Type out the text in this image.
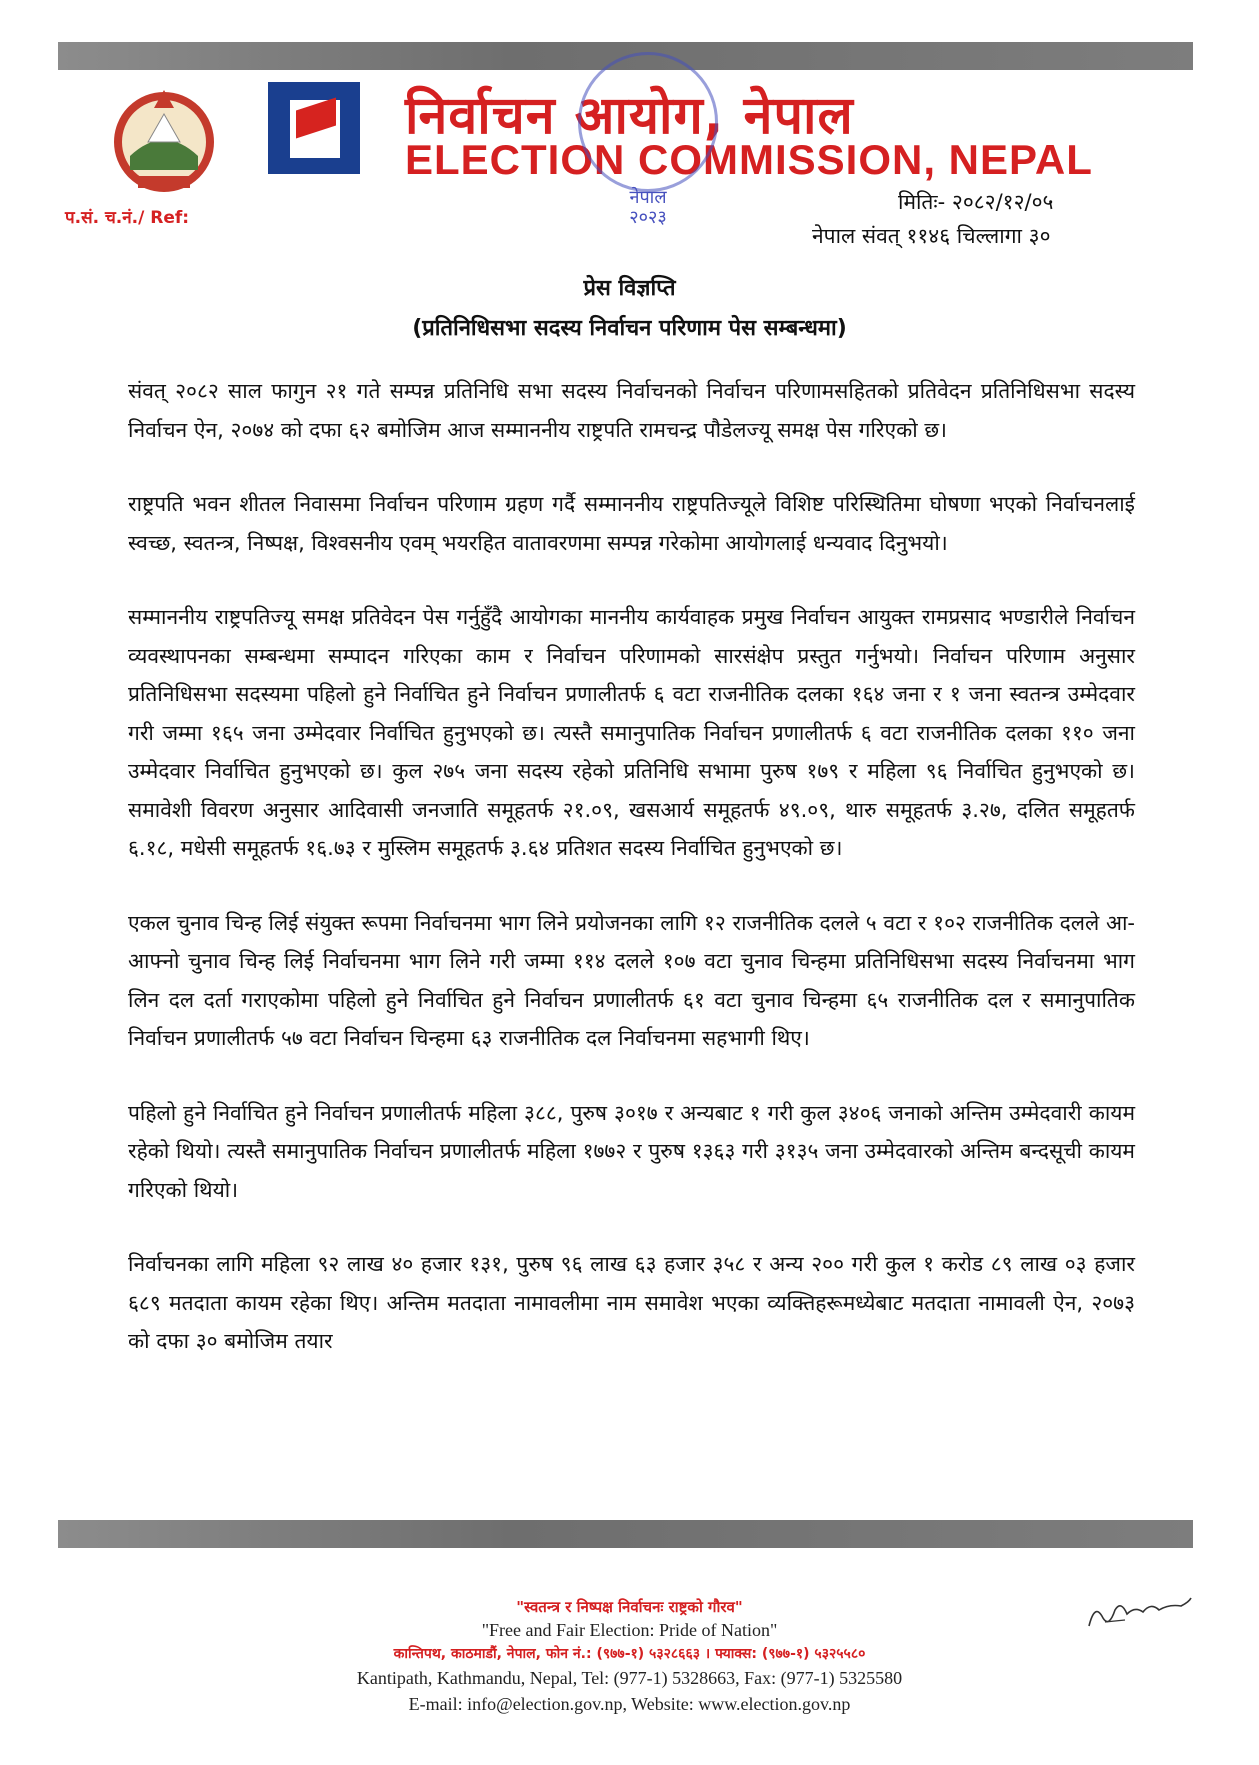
निर्वाचन आयोग, नेपाल
ELECTION COMMISSION, NEPAL
नेपाल
२०२३
प.सं. च.नं./ Ref:
मितिः- २०८२/१२/०५
नेपाल संवत् ११४६ चिल्लागा ३०
प्रेस विज्ञप्ति
(प्रतिनिधिसभा सदस्य निर्वाचन परिणाम पेस सम्बन्धमा)

संवत् २०८२ साल फागुन २१ गते सम्पन्न प्रतिनिधि सभा सदस्य निर्वाचनको निर्वाचन परिणामसहितको प्रतिवेदन प्रतिनिधिसभा सदस्य निर्वाचन ऐन, २०७४ को दफा ६२ बमोजिम आज सम्माननीय राष्ट्रपति रामचन्द्र पौडेलज्यू समक्ष पेस गरिएको छ।

राष्ट्रपति भवन शीतल निवासमा निर्वाचन परिणाम ग्रहण गर्दै सम्माननीय राष्ट्रपतिज्यूले विशिष्ट परिस्थितिमा घोषणा भएको निर्वाचनलाई स्वच्छ, स्वतन्त्र, निष्पक्ष, विश्वसनीय एवम् भयरहित वातावरणमा सम्पन्न गरेकोमा आयोगलाई धन्यवाद दिनुभयो।

सम्माननीय राष्ट्रपतिज्यू समक्ष प्रतिवेदन पेस गर्नुहुँदै आयोगका माननीय कार्यवाहक प्रमुख निर्वाचन आयुक्त रामप्रसाद भण्डारीले निर्वाचन व्यवस्थापनका सम्बन्धमा सम्पादन गरिएका काम र निर्वाचन परिणामको सारसंक्षेप प्रस्तुत गर्नुभयो। निर्वाचन परिणाम अनुसार प्रतिनिधिसभा सदस्यमा पहिलो हुने निर्वाचित हुने निर्वाचन प्रणालीतर्फ ६ वटा राजनीतिक दलका १६४ जना र १ जना स्वतन्त्र उम्मेदवार गरी जम्मा १६५ जना उम्मेदवार निर्वाचित हुनुभएको छ। त्यस्तै समानुपातिक निर्वाचन प्रणालीतर्फ ६ वटा राजनीतिक दलका ११० जना उम्मेदवार निर्वाचित हुनुभएको छ। कुल २७५ जना सदस्य रहेको प्रतिनिधि सभामा पुरुष १७९ र महिला ९६ निर्वाचित हुनुभएको छ। समावेशी विवरण अनुसार आदिवासी जनजाति समूहतर्फ २१.०९, खसआर्य समूहतर्फ ४९.०९, थारु समूहतर्फ ३.२७, दलित समूहतर्फ ६.१८, मधेसी समूहतर्फ १६.७३ र मुस्लिम समूहतर्फ ३.६४ प्रतिशत सदस्य निर्वाचित हुनुभएको छ।

एकल चुनाव चिन्ह लिई संयुक्त रूपमा निर्वाचनमा भाग लिने प्रयोजनका लागि १२ राजनीतिक दलले ५ वटा र १०२ राजनीतिक दलले आ-आफ्नो चुनाव चिन्ह लिई निर्वाचनमा भाग लिने गरी जम्मा ११४ दलले १०७ वटा चुनाव चिन्हमा प्रतिनिधिसभा सदस्य निर्वाचनमा भाग लिन दल दर्ता गराएकोमा पहिलो हुने निर्वाचित हुने निर्वाचन प्रणालीतर्फ ६१ वटा चुनाव चिन्हमा ६५ राजनीतिक दल र समानुपातिक निर्वाचन प्रणालीतर्फ ५७ वटा निर्वाचन चिन्हमा ६३ राजनीतिक दल निर्वाचनमा सहभागी थिए।

पहिलो हुने निर्वाचित हुने निर्वाचन प्रणालीतर्फ महिला ३८८, पुरुष ३०१७ र अन्यबाट १ गरी कुल ३४०६ जनाको अन्तिम उम्मेदवारी कायम रहेको थियो। त्यस्तै समानुपातिक निर्वाचन प्रणालीतर्फ महिला १७७२ र पुरुष १३६३ गरी ३१३५ जना उम्मेदवारको अन्तिम बन्दसूची कायम गरिएको थियो।

निर्वाचनका लागि महिला ९२ लाख ४० हजार १३१, पुरुष ९६ लाख ६३ हजार ३५८ र अन्य २०० गरी कुल १ करोड ८९ लाख ०३ हजार ६८९ मतदाता कायम रहेका थिए। अन्तिम मतदाता नामावलीमा नाम समावेश भएका व्यक्तिहरूमध्येबाट मतदाता नामावली ऐन, २०७३ को दफा ३० बमोजिम तयार

"स्वतन्त्र र निष्पक्ष निर्वाचनः राष्ट्रको गौरव"
"Free and Fair Election: Pride of Nation"
कान्तिपथ, काठमाडौं, नेपाल, फोन नं.: (९७७-१) ५३२८६६३ । फ्याक्स: (९७७-१) ५३२५५८०
Kantipath, Kathmandu, Nepal, Tel: (977-1) 5328663, Fax: (977-1) 5325580
E-mail: info@election.gov.np, Website: www.election.gov.np
